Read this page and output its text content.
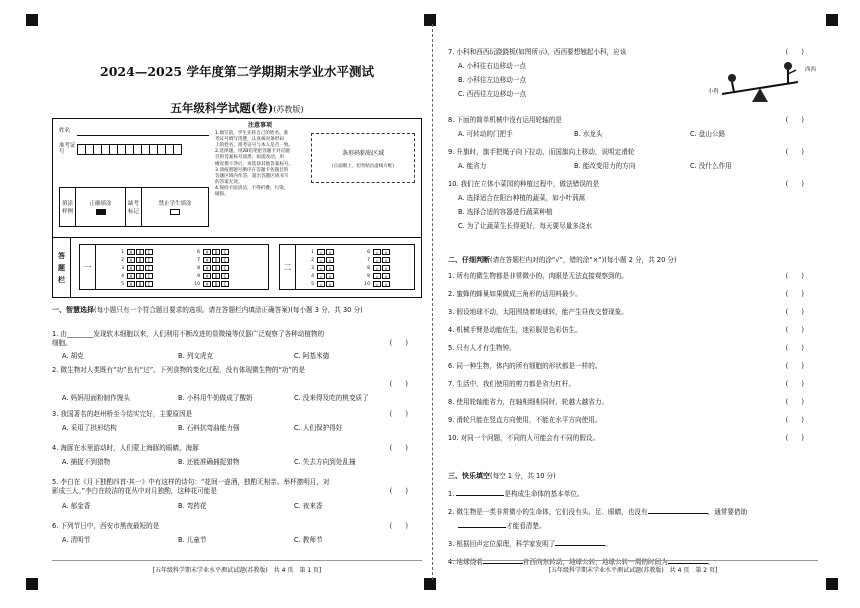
2024—2025 学年度第二学期期末学业水平测试
五年级科学试题(卷)(苏教版)
姓名
准考证号
填涂样例
正确填涂	缺考标记
禁止学生填涂
注意事项
1.填写前，学生先将自己的姓名、准
考证号填写清楚，认真核对条形码
上的姓名、准考证号与本人是否一致。
2.选择题，用2B铅笔把答题卡对应题
目的答案标号涂黑；如需改动，用
橡皮擦干净后，再选涂其他答案标号。
3.请按照题号顺序在答题卡各题目的
答题区域内作答，超出答题区域书写
的答案无效。
4.保持卡面清洁，不得折叠、污染、
破损。
条形码粘贴区域
(正面朝上，切勿贴出虚线方框)
答
题
栏
一
1	A	B	C
2	A	B	C
3	A	B	C
4	A	B	C
5	A	B	C
6	A	B	C
7	A	B	C
8	A	B	C
9	A	B	C
10	A	B	C
二
1	√	×
2	√	×
3	√	×
4	√	×
5	√	×
6	√	×
7	√	×
8	√	×
9	√	×
10	√	×
一、智慧选择(每小题只有一个符合题目要求的选项。请在答题栏内填涂正确答案)(每小题 3 分，共 30 分)
1. 由________发现软木细胞以来，人们利用不断改进的显微镜等仪器广泛观察了各种动植物的
细胞。	(　　)
A. 胡克	B. 列文虎克	C. 阿基米德
2. 微生物对人类既有“功”也有“过”。下列食物的变化过程，没有体现微生物的“功”的是
(　　)
A. 妈妈用面粉制作馒头	B. 小科用牛奶做成了酸奶	C. 没来得及吃的桃变质了
3. 我国著名的赵州桥至今结实完好，主要原因是	(　　)
A. 采用了拱形结构	B. 石料抗弯曲能力强	C. 人们保护得好
4. 海豚在水里游动时，人们蒙上海豚的眼睛，海豚	(　　)
A. 捕捉不到猎物	B. 还能准确捕捉猎物	C. 失去方向到处乱撞
5. 李白在《月下独酌四首·其一》中有这样的诗句：“花间一壶酒，独酌无相亲。举杯邀明月，对
影成三人。”李白在皎洁的花丛中对月独酌，这种花可能是	(　　)
A. 郁金香	B. 弯药花	C. 夜来香
6. 下列节日中，西安市黑夜最短的是	(　　)
A. 清明节	B. 儿童节	C. 教师节
[五年级科学期末学业水平测试试题(苏教版)　共 4 页　第 1 页]
7. 小科和西西玩跷跷板(如图所示)，西西要想翘起小科，应该	(　　)
A. 小科往右边移动一点
B. 小科往左边移动一点
C. 西西往左边移动一点	小科
西西
8. 下面的简单机械中没有运用轮轴的是	(　　)
A. 可转动的门把手	B. 水龙头	C. 盘山公路
9. 升旗时，旗手把绳子向下拉动，而国旗向上移动，说明定滑轮	(　　)
A. 能省力	B. 能改变用力的方向	C. 没什么作用
10. 我们在立体小菜园的种植过程中，做法错误的是	(　　)
A. 选择适合在阳台种植的蔬菜，如小叶茼蒿
B. 选择合适的容器进行蔬菜种植
C. 为了让蔬菜生长得更好，每天要尽量多浇水
二、仔细判断(请在答题栏内对的涂“√”，错的涂“×”)(每小题 2 分，共 20 分)
1. 所有的微生物都是非常微小的，肉眼是无法直接观察到的。	(　　)
2. 蜜蜂的蜂巢如果做成三角形的话用料最少。	(　　)
3. 假设地球不动，太阳围绕着地球转，能产生昼夜交替现象。	(　　)
4. 机械手臂是动能仿生，迷彩服是色彩仿生。	(　　)
5. 只有人才有生物钟。	(　　)
6. 同一种生物，体内的所有细胞的形状都是一样的。	(　　)
7. 生活中，我们使用的剪刀都是省力杠杆。	(　　)
8. 使用轮轴能省力，在轴相细相同时，轮越大越省力。	(　　)
9. 滑轮只能在竖直方向使用，不能在水平方向使用。	(　　)
10. 对同一个问题，不同的人可能会有不同的假设。	(　　)
三、快乐填空(每空 1 分，共 10 分)
1.	是构成生命体的基本单位。
2. 微生物是一类非常微小的生命体，它们没有头、足、眼睛，也没有	，通常要借助
才能看清楚。
3. 根据回声定位原理，科学家发明了	。
4. 地球绕着	自西向东转动，地球公转，地球公转一周的时间为	。
[五年级科学期末学业水平测试试题(苏教版)　共 4 页　第 2 页]
